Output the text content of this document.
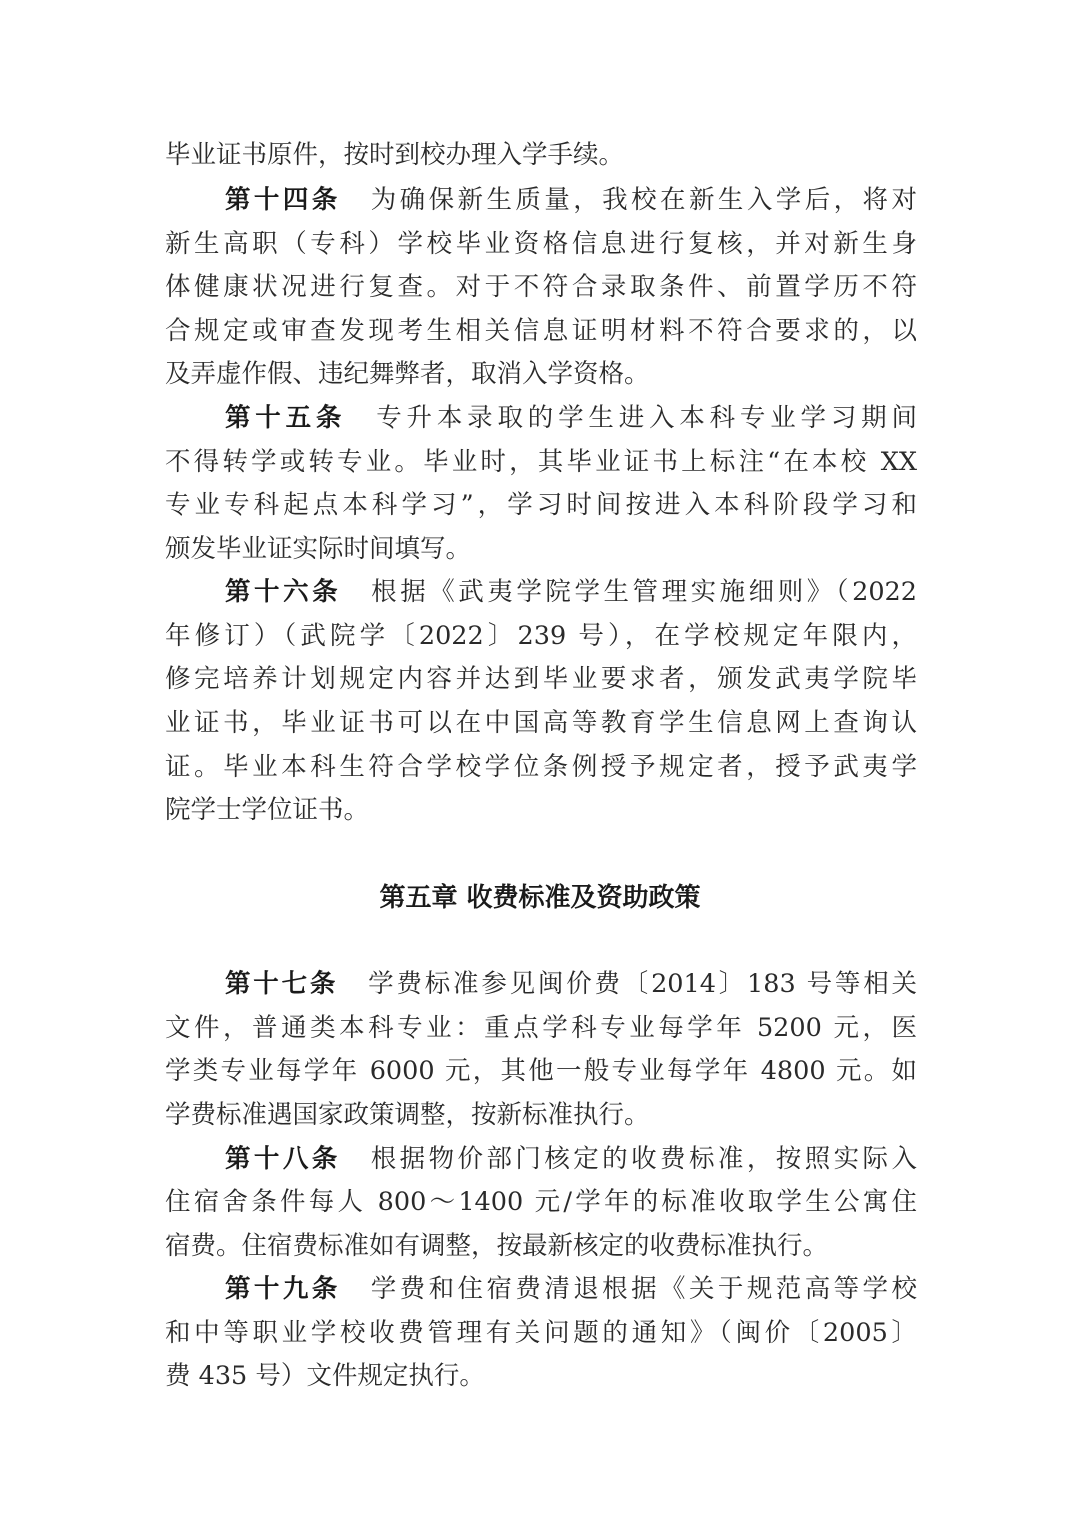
毕业证书原件，按时到校办理入学手续。
第十四条 为确保新生质量，我校在新生入学后，将对
新生高职（专科）学校毕业资格信息进行复核，并对新生身
体健康状况进行复查。对于不符合录取条件、前置学历不符
合规定或审查发现考生相关信息证明材料不符合要求的，以
及弄虚作假、违纪舞弊者，取消入学资格。
第十五条 专升本录取的学生进入本科专业学习期间
不得转学或转专业。毕业时，其毕业证书上标注“在本校 XX
专业专科起点本科学习”，学习时间按进入本科阶段学习和
颁发毕业证实际时间填写。
第十六条 根据《武夷学院学生管理实施细则》（2022
年修订）（武院学〔2022〕239 号），在学校规定年限内，
修完培养计划规定内容并达到毕业要求者，颁发武夷学院毕
业证书，毕业证书可以在中国高等教育学生信息网上查询认
证。毕业本科生符合学校学位条例授予规定者，授予武夷学
院学士学位证书。
第五章 收费标准及资助政策
第十七条 学费标准参见闽价费〔2014〕183 号等相关
文件，普通类本科专业：重点学科专业每学年 5200 元，医
学类专业每学年 6000 元，其他一般专业每学年 4800 元。如
学费标准遇国家政策调整，按新标准执行。
第十八条 根据物价部门核定的收费标准，按照实际入
住宿舍条件每人 800～1400 元/学年的标准收取学生公寓住
宿费。住宿费标准如有调整，按最新核定的收费标准执行。
第十九条 学费和住宿费清退根据《关于规范高等学校
和中等职业学校收费管理有关问题的通知》（闽价〔2005〕
费 435 号）文件规定执行。
